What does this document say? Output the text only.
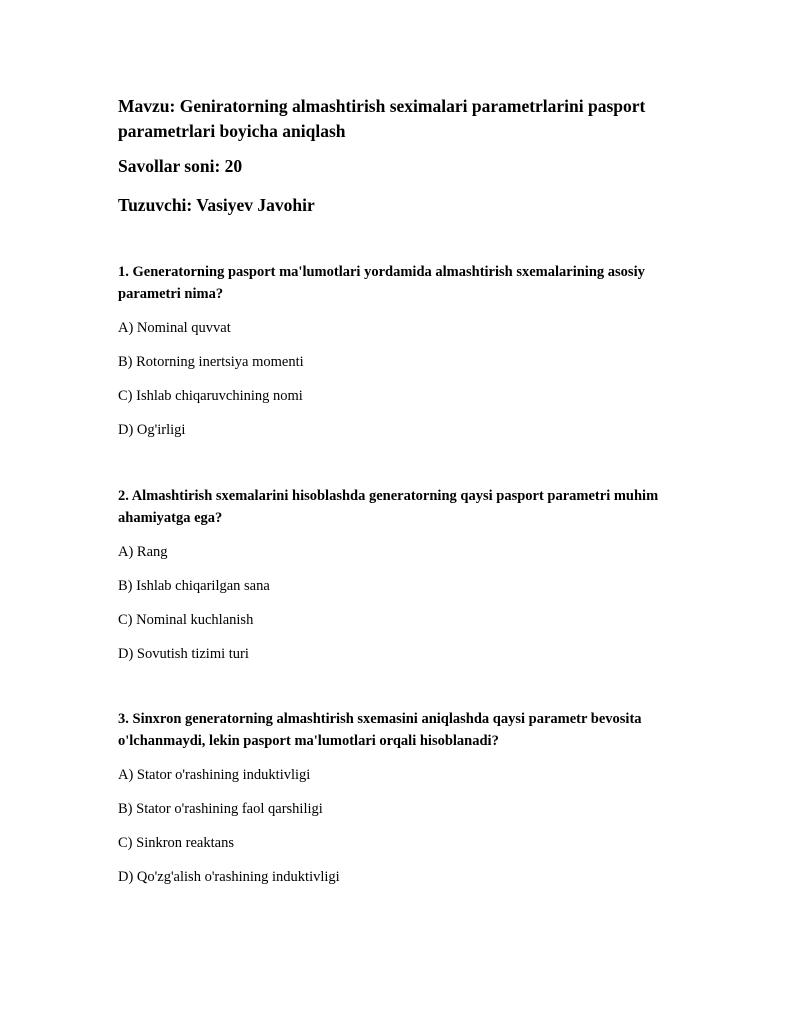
Mavzu: Geniratorning almashtirish seximalari parametrlarini pasport parametrlari boyicha aniqlash

Savollar soni: 20

Tuzuvchi: Vasiyev Javohir

1. Generatorning pasport ma'lumotlari yordamida almashtirish sxemalarining asosiy parametri nima?

A) Nominal quvvat
B) Rotorning inertsiya momenti
C) Ishlab chiqaruvchining nomi
D) Og'irligi

2. Almashtirish sxemalarini hisoblashda generatorning qaysi pasport parametri muhim ahamiyatga ega?

A) Rang
B) Ishlab chiqarilgan sana
C) Nominal kuchlanish
D) Sovutish tizimi turi

3. Sinxron generatorning almashtirish sxemasini aniqlashda qaysi parametr bevosita o'lchanmaydi, lekin pasport ma'lumotlari orqali hisoblanadi?

A) Stator o'rashining induktivligi
B) Stator o'rashining faol qarshiligi
C) Sinkron reaktans
D) Qo'zg'alish o'rashining induktivligi
